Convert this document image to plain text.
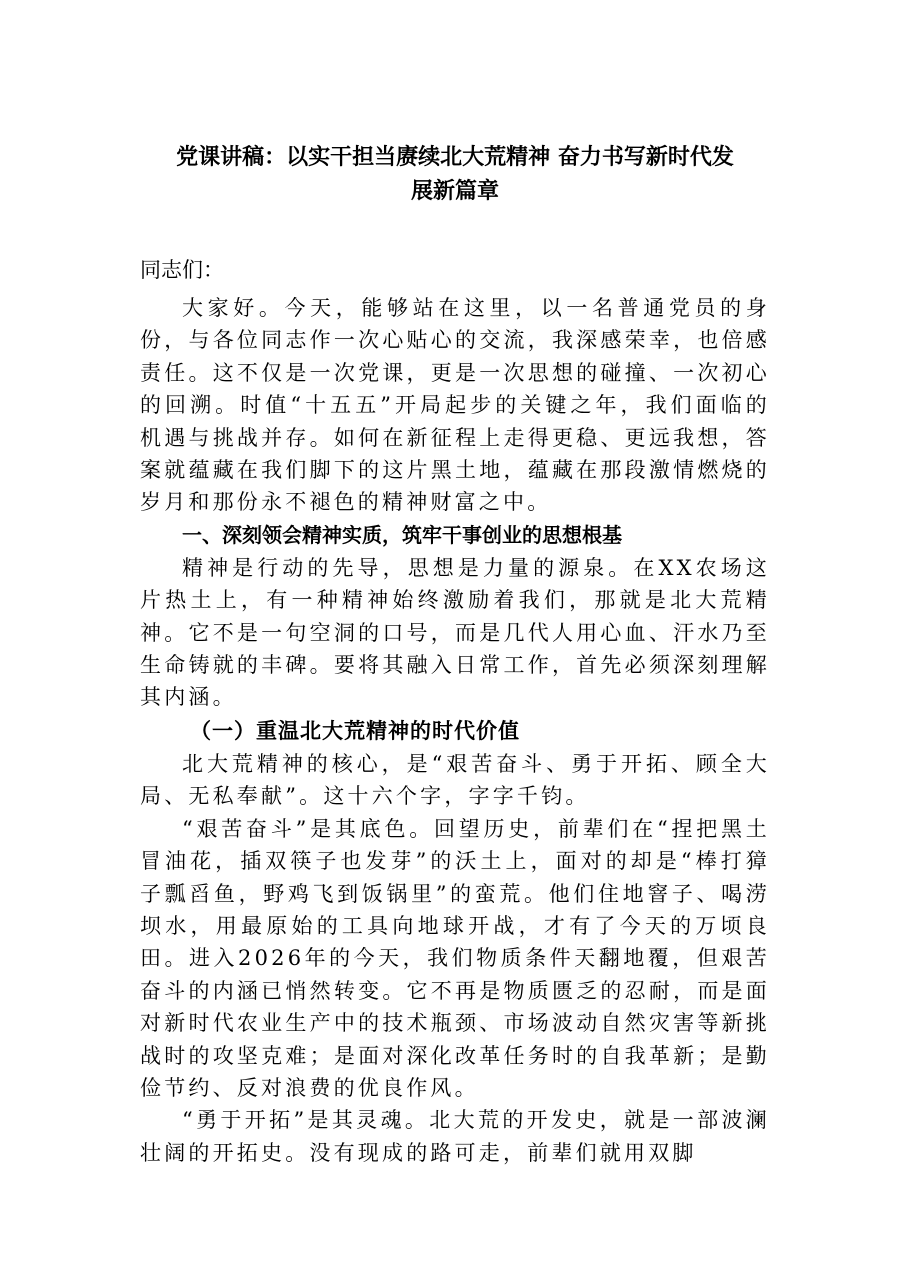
党课讲稿：以实干担当赓续北大荒精神 奋力书写新时代发
展新篇章

同志们：

大家好。今天，能够站在这里，以一名普通党员的身份，与各位同志作一次心贴心的交流，我深感荣幸，也倍感责任。这不仅是一次党课，更是一次思想的碰撞、一次初心的回溯。时值“十五五”开局起步的关键之年，我们面临的机遇与挑战并存。如何在新征程上走得更稳、更远我想，答案就蕴藏在我们脚下的这片黑土地，蕴藏在那段激情燃烧的岁月和那份永不褪色的精神财富之中。

一、深刻领会精神实质，筑牢干事创业的思想根基

精神是行动的先导，思想是力量的源泉。在XX农场这片热土上，有一种精神始终激励着我们，那就是北大荒精神。它不是一句空洞的口号，而是几代人用心血、汗水乃至生命铸就的丰碑。要将其融入日常工作，首先必须深刻理解其内涵。

（一）重温北大荒精神的时代价值

北大荒精神的核心，是“艰苦奋斗、勇于开拓、顾全大局、无私奉献”。这十六个字，字字千钧。

“艰苦奋斗”是其底色。回望历史，前辈们在“捏把黑土冒油花，插双筷子也发芽”的沃土上，面对的却是“棒打獐子瓢舀鱼，野鸡飞到饭锅里”的蛮荒。他们住地窨子、喝涝坝水，用最原始的工具向地球开战，才有了今天的万顷良田。进入2026年的今天，我们物质条件天翻地覆，但艰苦奋斗的内涵已悄然转变。它不再是物质匮乏的忍耐，而是面对新时代农业生产中的技术瓶颈、市场波动自然灾害等新挑战时的攻坚克难；是面对深化改革任务时的自我革新；是勤俭节约、反对浪费的优良作风。

“勇于开拓”是其灵魂。北大荒的开发史，就是一部波澜壮阔的开拓史。没有现成的路可走，前辈们就用双脚
